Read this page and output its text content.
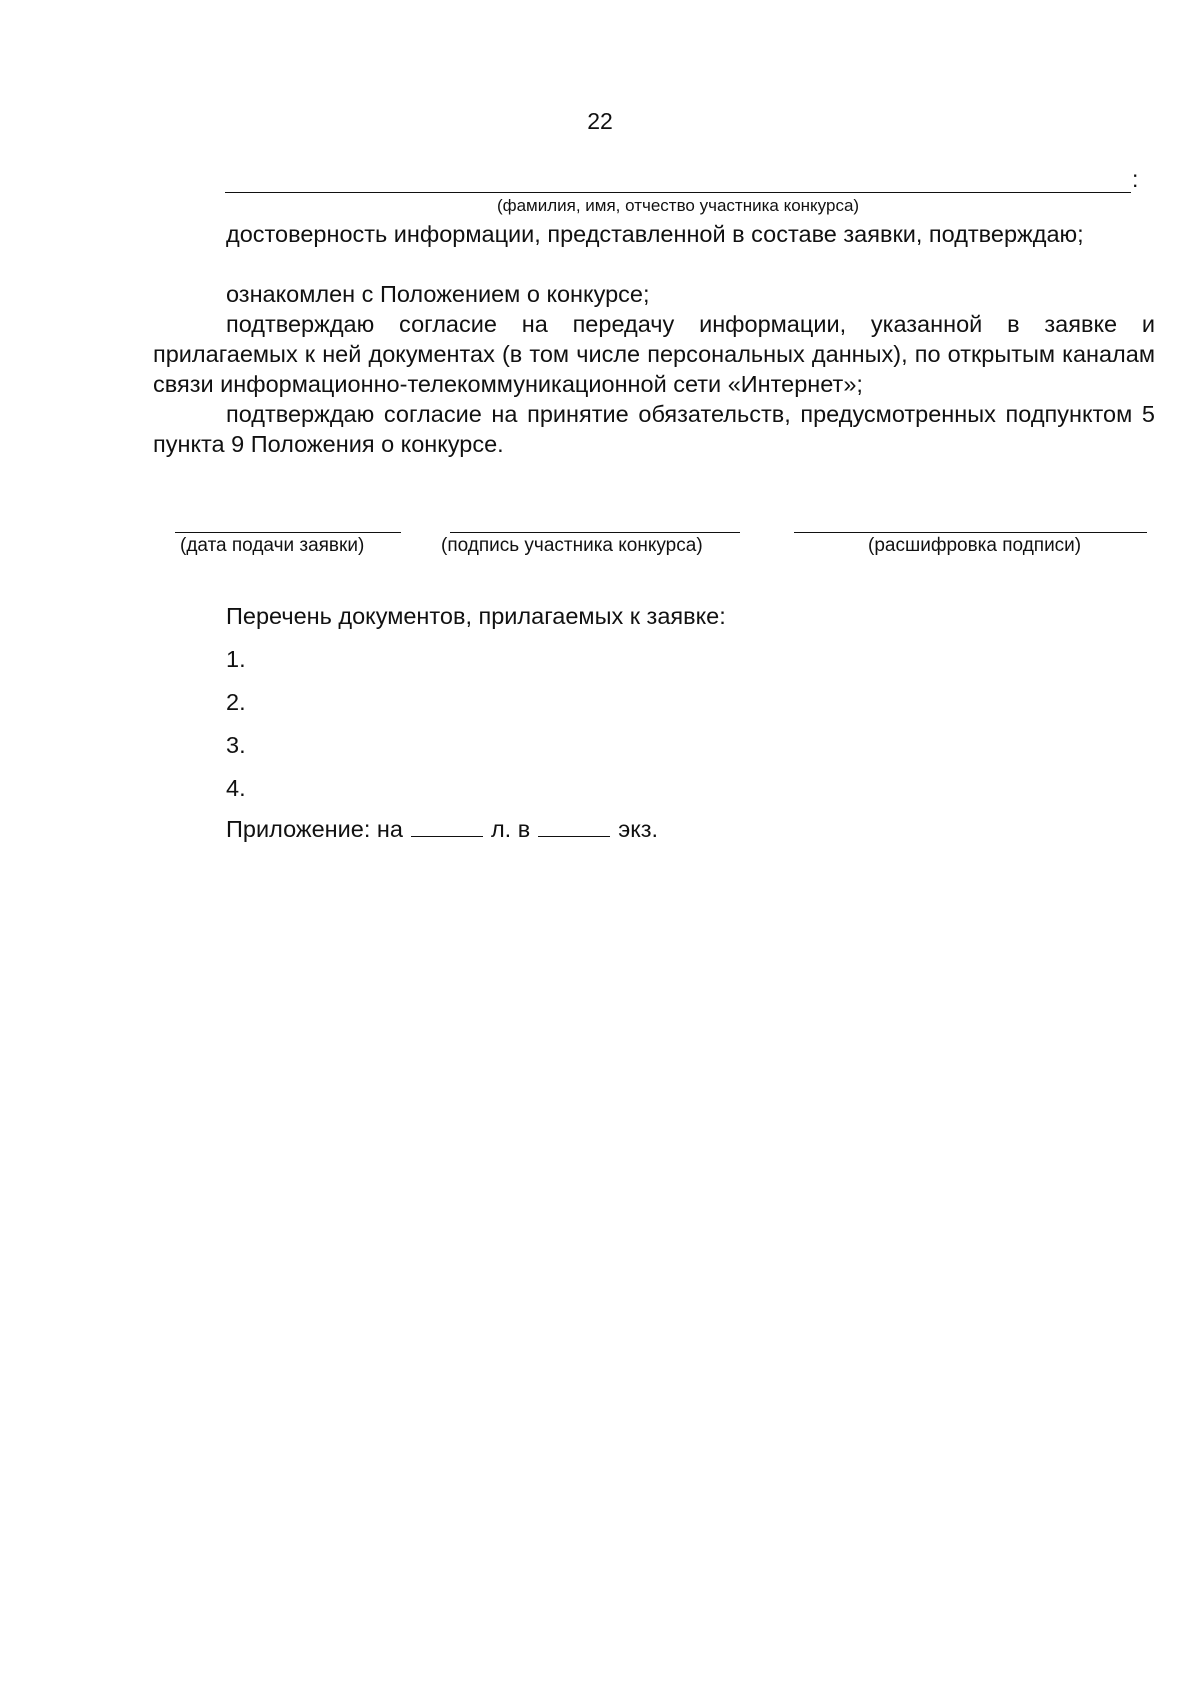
22
:
(фамилия, имя, отчество участника конкурса)
достоверность информации, представленной в составе заявки, подтверждаю;
ознакомлен с Положением о конкурсе;
подтверждаю согласие на передачу информации, указанной в заявке и прилагаемых к ней документах (в том числе персональных данных), по открытым каналам связи информационно-телекоммуникационной сети «Интернет»;
подтверждаю согласие на принятие обязательств, предусмотренных подпунктом 5 пункта 9 Положения о конкурсе.
(дата подачи заявки)	(подпись участника конкурса)	(расшифровка подписи)
Перечень документов, прилагаемых к заявке:
1.
2.
3.
4.
Приложение: на	л. в	экз.
